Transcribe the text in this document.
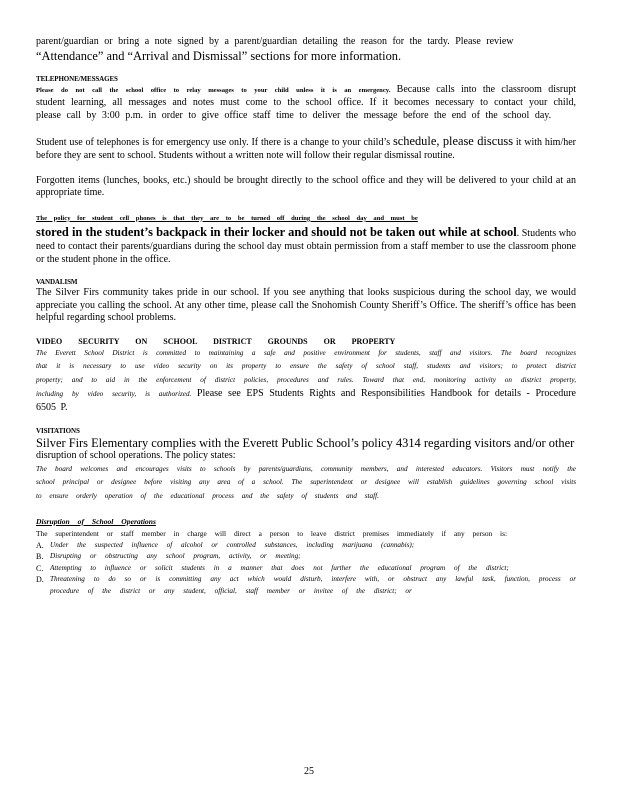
parent/guardian or bring a note signed by a parent/guardian detailing the reason for the tardy. Please review

“Attendance” and “Arrival and Dismissal” sections for more information.

TELEPHONE/MESSAGES

Please do not call the school office to relay messages to your child unless it is an emergency. Because calls into the classroom disrupt student learning, all messages and notes must come to the school office. If it becomes necessary to contact your child, please call by 3:00 p.m. in order to give office staff time to deliver the message before the end of the school day.

Student use of telephones is for emergency use only. If there is a change to your child’s schedule, please discuss it with him/her before they are sent to school. Students without a written note will follow their regular dismissal routine.

Forgotten items (lunches, books, etc.) should be brought directly to the school office and they will be delivered to your child at an appropriate time.

The policy for student cell phones is that they are to be turned off during the school day and must be
stored in the student’s backpack in their locker and should not be taken out while at school. Students who need to contact their parents/guardians during the school day must obtain permission from a staff member to use the classroom phone or the student phone in the office.

VANDALISM

The Silver Firs community takes pride in our school. If you see anything that looks suspicious during the school day, we would appreciate you calling the school. At any other time, please call the Snohomish County Sheriff’s Office. The sheriff’s office has been helpful regarding school problems.

VIDEO SECURITY ON SCHOOL DISTRICT GROUNDS OR PROPERTY

The Everett School District is committed to maintaining a safe and positive environment for students, staff and visitors. The board recognizes that it is necessary to use video security on its property to ensure the safety of school staff, students and visitors; to protect district property; and to aid in the enforcement of district policies, procedures and rules. Toward that end, monitoring activity on district property, including by video security, is authorized. Please see EPS Students Rights and Responsibilities Handbook for details - Procedure 6505 P.

VISITATIONS

Silver Firs Elementary complies with the Everett Public School’s policy 4314 regarding visitors and/or other

disruption of school operations. The policy states:

The board welcomes and encourages visits to schools by parents/guardians, community members, and interested educators. Visitors must notify the school principal or designee before visiting any area of a school. The superintendent or designee will establish guidelines governing school visits to ensure orderly operation of the educational process and the safety of students and staff.

Disruption of School Operations

The superintendent or staff member in charge will direct a person to leave district premises immediately if any person is:

A. Under the suspected influence of alcohol or controlled substances, including marijuana (cannabis);
B. Disrupting or obstructing any school program, activity, or meeting;
C. Attempting to influence or solicit students in a manner that does not further the educational program of the district;
D. Threatening to do so or is committing any act which would disturb, interfere with, or obstruct any lawful task, function, process or procedure of the district or any student, official, staff member or invitee of the district; or
25
